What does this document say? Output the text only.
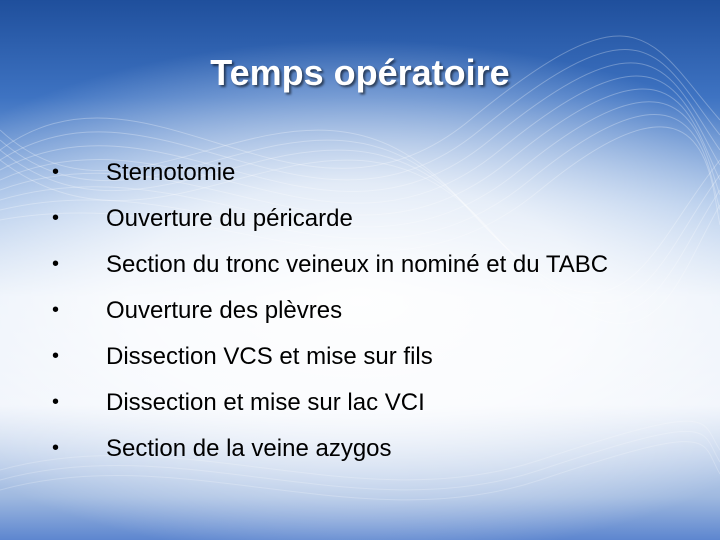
Temps opératoire
•	Sternotomie
•	Ouverture du péricarde
•	Section du tronc veineux in nominé et du TABC
•	Ouverture des plèvres
•	Dissection VCS et mise sur fils
•	Dissection et mise sur lac VCI
•	Section de la veine azygos
